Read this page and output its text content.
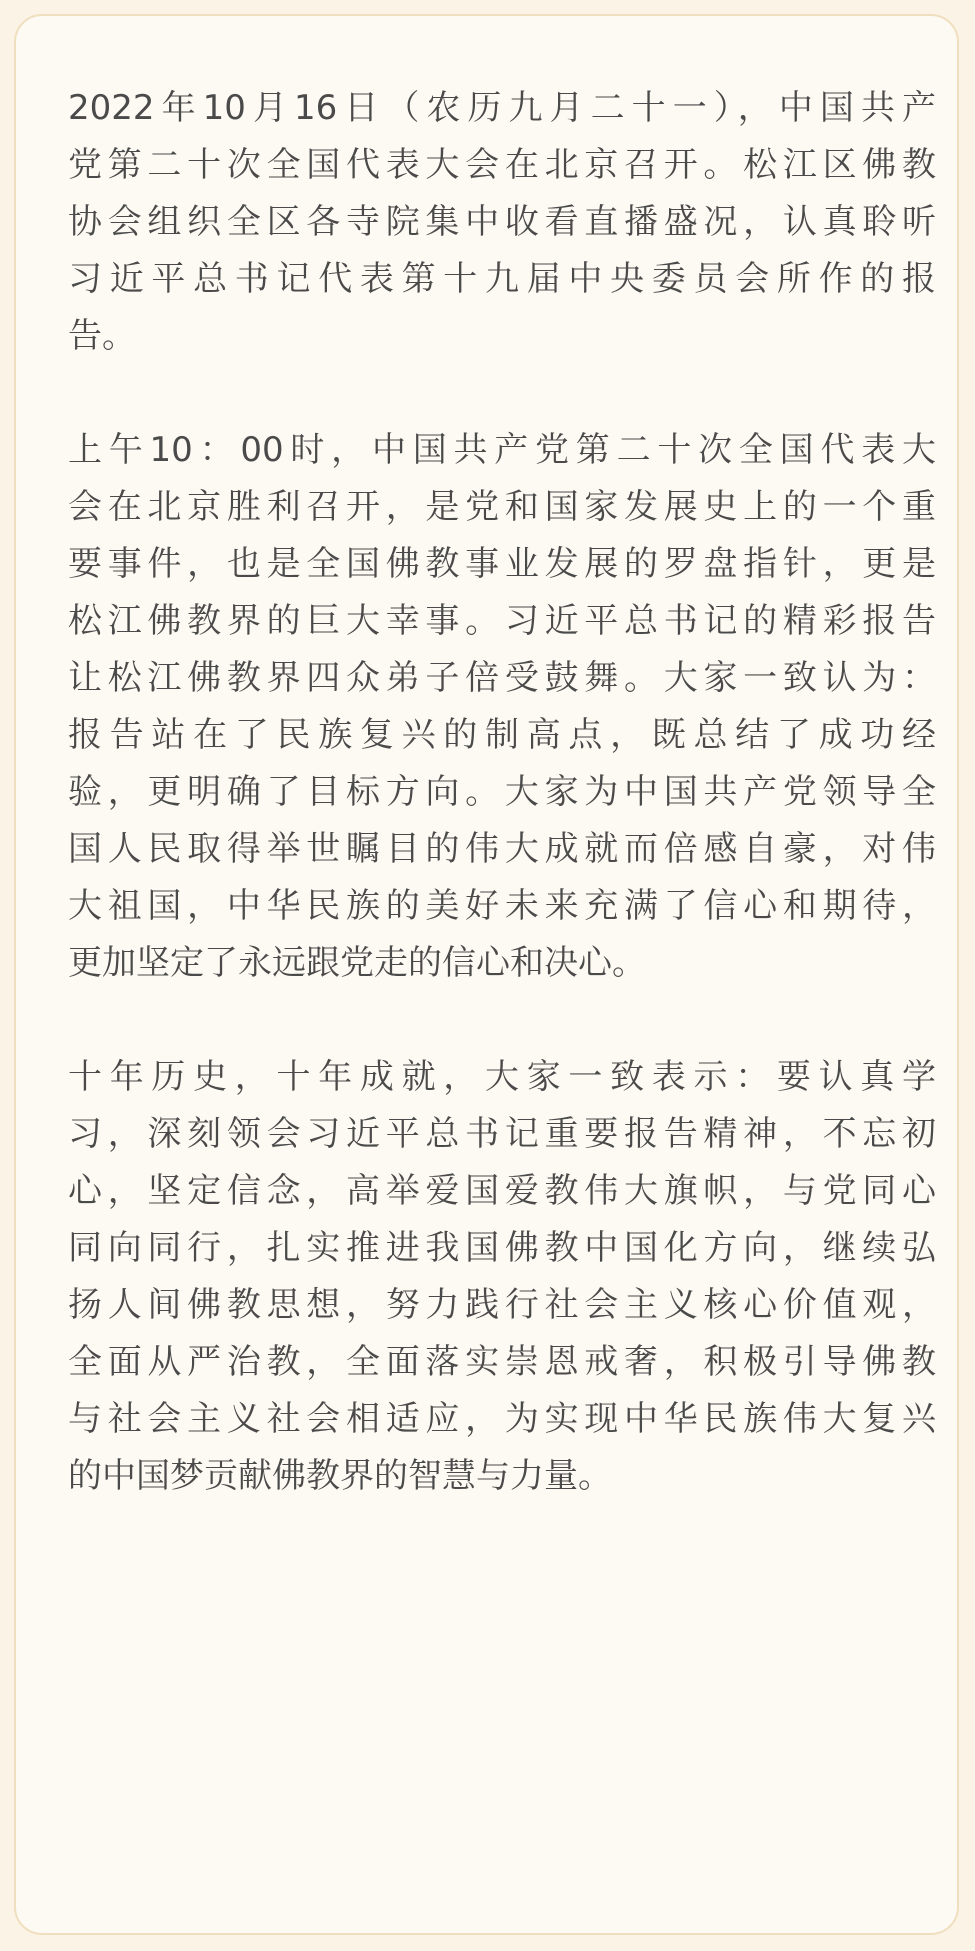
2022年10月16日（农历九月二十一），中国共产
党第二十次全国代表大会在北京召开。松江区佛教
协会组织全区各寺院集中收看直播盛况，认真聆听
习近平总书记代表第十九届中央委员会所作的报
告。
上午10：00时，中国共产党第二十次全国代表大
会在北京胜利召开，是党和国家发展史上的一个重
要事件，也是全国佛教事业发展的罗盘指针，更是
松江佛教界的巨大幸事。习近平总书记的精彩报告
让松江佛教界四众弟子倍受鼓舞。大家一致认为：
报告站在了民族复兴的制高点，既总结了成功经
验，更明确了目标方向。大家为中国共产党领导全
国人民取得举世瞩目的伟大成就而倍感自豪，对伟
大祖国，中华民族的美好未来充满了信心和期待，
更加坚定了永远跟党走的信心和决心。
十年历史，十年成就，大家一致表示：要认真学
习，深刻领会习近平总书记重要报告精神，不忘初
心，坚定信念，高举爱国爱教伟大旗帜，与党同心
同向同行，扎实推进我国佛教中国化方向，继续弘
扬人间佛教思想，努力践行社会主义核心价值观，
全面从严治教，全面落实崇恩戒奢，积极引导佛教
与社会主义社会相适应，为实现中华民族伟大复兴
的中国梦贡献佛教界的智慧与力量。
